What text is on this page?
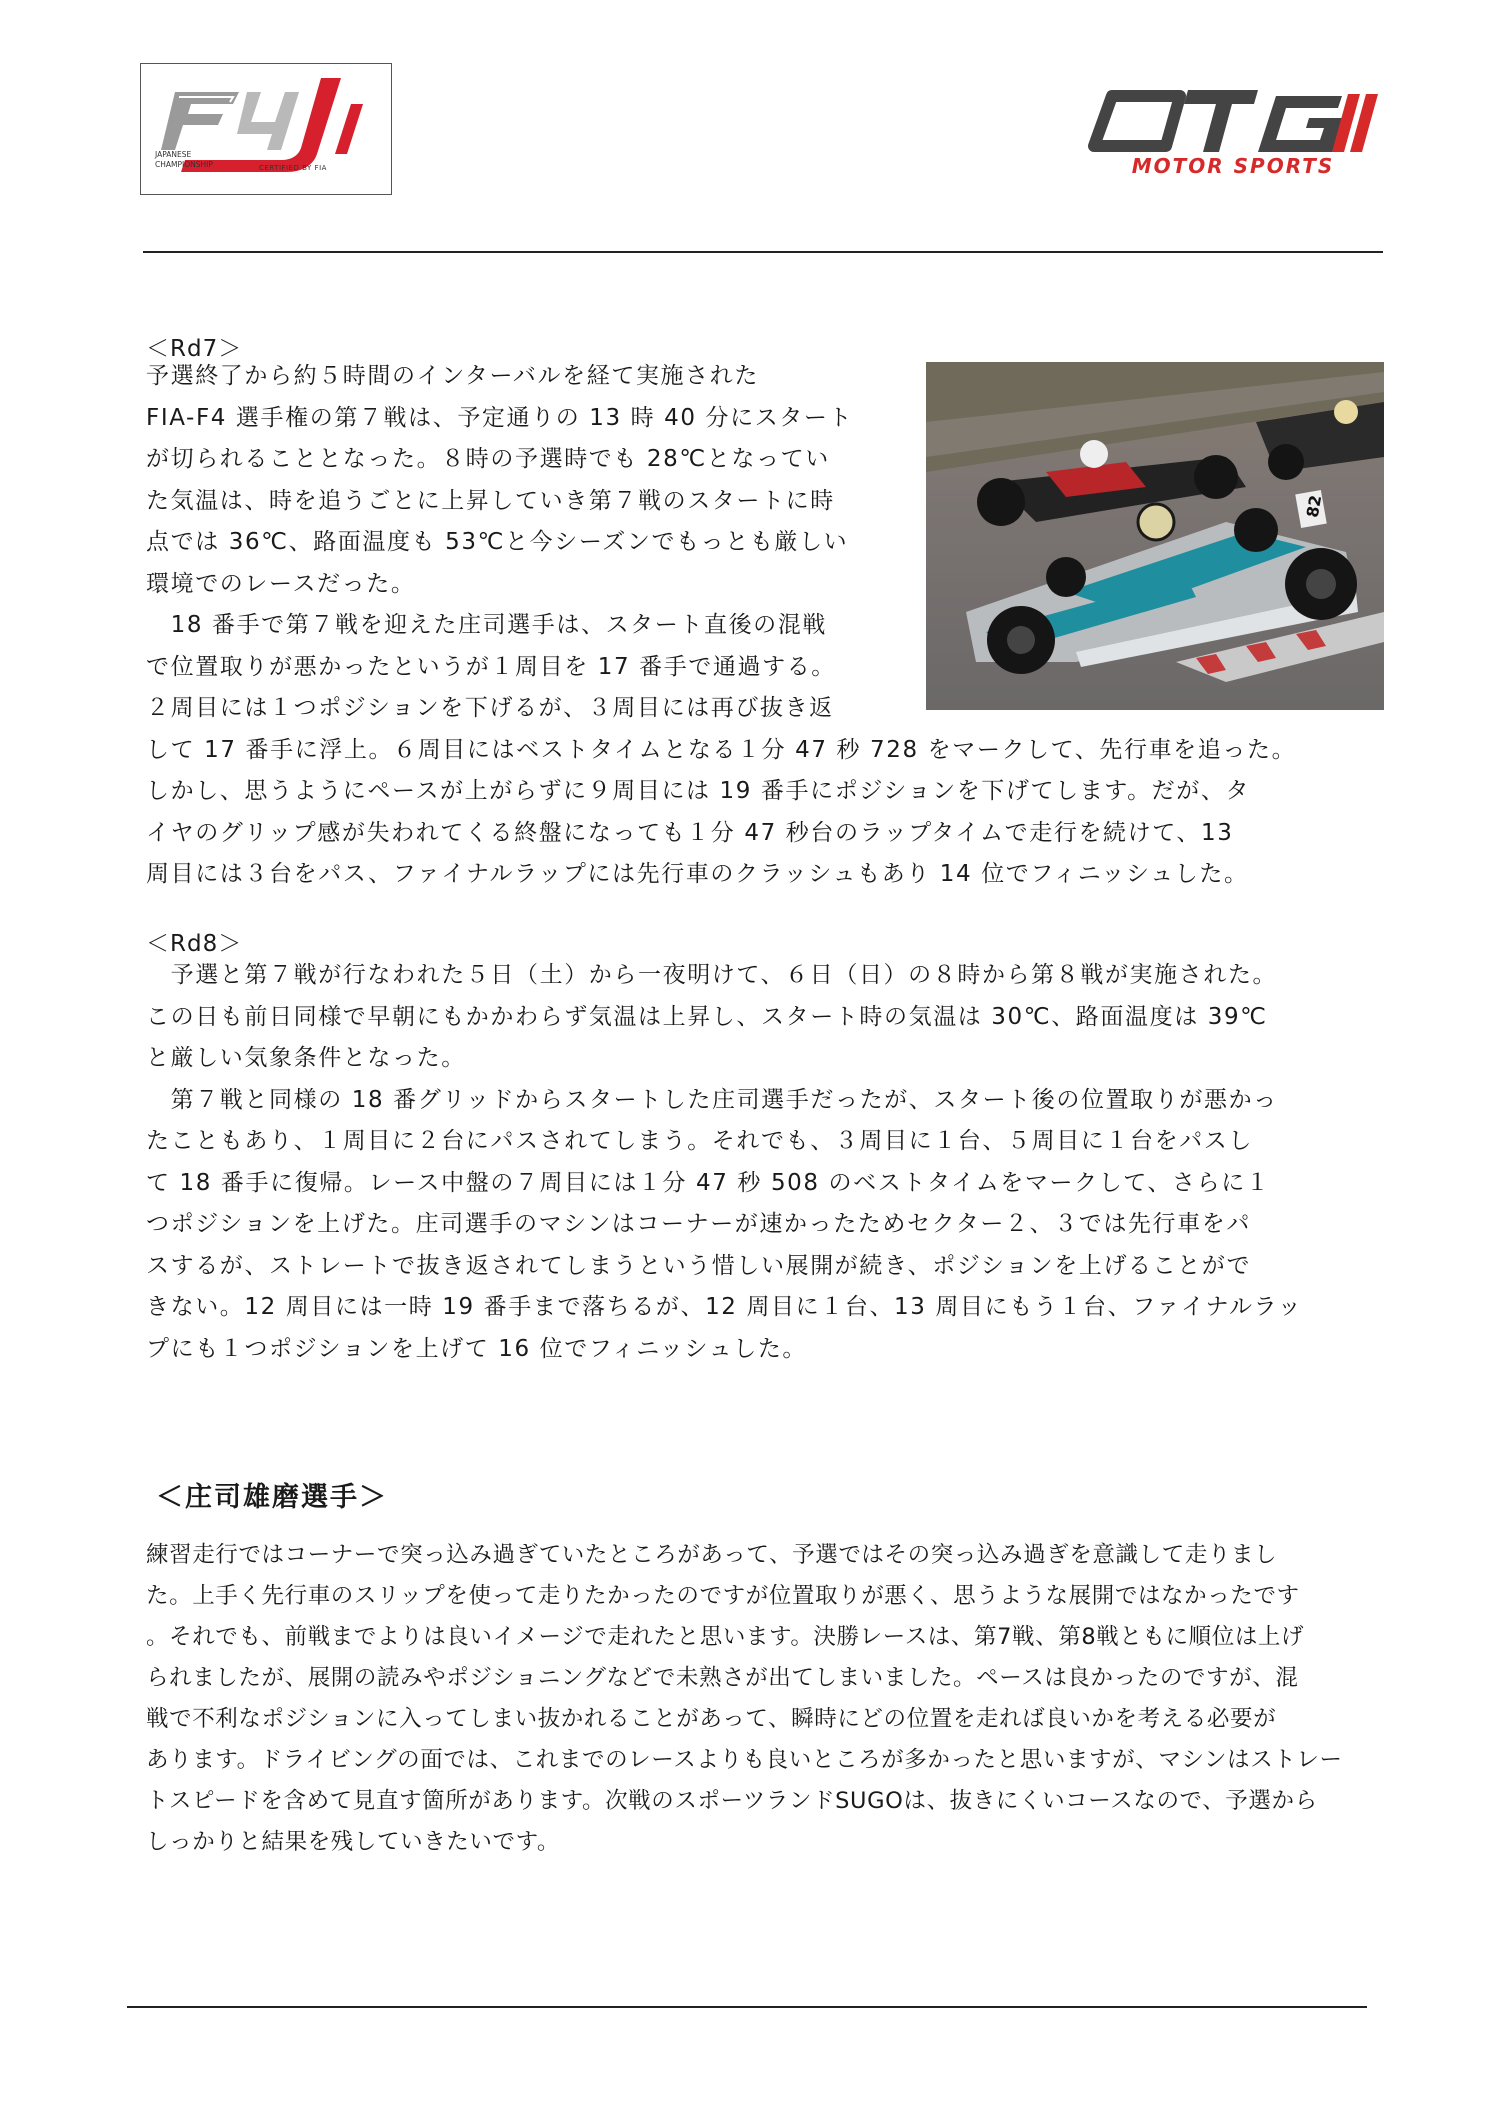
JAPANESE
CHAMPIONSHIP	CERTIFIED BY FIA	MOTOR SPORTS
82
＜Rd7＞
予選終了から約５時間のインターバルを経て実施された
FIA-F4 選手権の第７戦は、予定通りの 13 時 40 分にスタート
が切られることとなった。８時の予選時でも 28℃となってい
た気温は、時を追うごとに上昇していき第７戦のスタートに時
点では 36℃、路面温度も 53℃と今シーズンでもっとも厳しい
環境でのレースだった。
　18 番手で第７戦を迎えた庄司選手は、スタート直後の混戦
で位置取りが悪かったというが１周目を 17 番手で通過する。
２周目には１つポジションを下げるが、３周目には再び抜き返
して 17 番手に浮上。６周目にはベストタイムとなる１分 47 秒 728 をマークして、先行車を追った。
しかし、思うようにペースが上がらずに９周目には 19 番手にポジションを下げてします。だが、タ
イヤのグリップ感が失われてくる終盤になっても１分 47 秒台のラップタイムで走行を続けて、13
周目には３台をパス、ファイナルラップには先行車のクラッシュもあり 14 位でフィニッシュした。
＜Rd8＞
　予選と第７戦が行なわれた５日（土）から一夜明けて、６日（日）の８時から第８戦が実施された。
この日も前日同様で早朝にもかかわらず気温は上昇し、スタート時の気温は 30℃、路面温度は 39℃
と厳しい気象条件となった。
　第７戦と同様の 18 番グリッドからスタートした庄司選手だったが、スタート後の位置取りが悪かっ
たこともあり、１周目に２台にパスされてしまう。それでも、３周目に１台、５周目に１台をパスし
て 18 番手に復帰。レース中盤の７周目には１分 47 秒 508 のベストタイムをマークして、さらに１
つポジションを上げた。庄司選手のマシンはコーナーが速かったためセクター２、３では先行車をパ
スするが、ストレートで抜き返されてしまうという惜しい展開が続き、ポジションを上げることがで
きない。12 周目には一時 19 番手まで落ちるが、12 周目に１台、13 周目にもう１台、ファイナルラッ
プにも１つポジションを上げて 16 位でフィニッシュした。
＜庄司雄磨選手＞
練習走行ではコーナーで突っ込み過ぎていたところがあって、予選ではその突っ込み過ぎを意識して走りまし
た。上手く先行車のスリップを使って走りたかったのですが位置取りが悪く、思うような展開ではなかったです
。それでも、前戦までよりは良いイメージで走れたと思います。決勝レースは、第7戦、第8戦ともに順位は上げ
られましたが、展開の読みやポジショニングなどで未熟さが出てしまいました。ペースは良かったのですが、混
戦で不利なポジションに入ってしまい抜かれることがあって、瞬時にどの位置を走れば良いかを考える必要が
あります。ドライビングの面では、これまでのレースよりも良いところが多かったと思いますが、マシンはストレー
トスピードを含めて見直す箇所があります。次戦のスポーツランドSUGOは、抜きにくいコースなので、予選から
しっかりと結果を残していきたいです。
